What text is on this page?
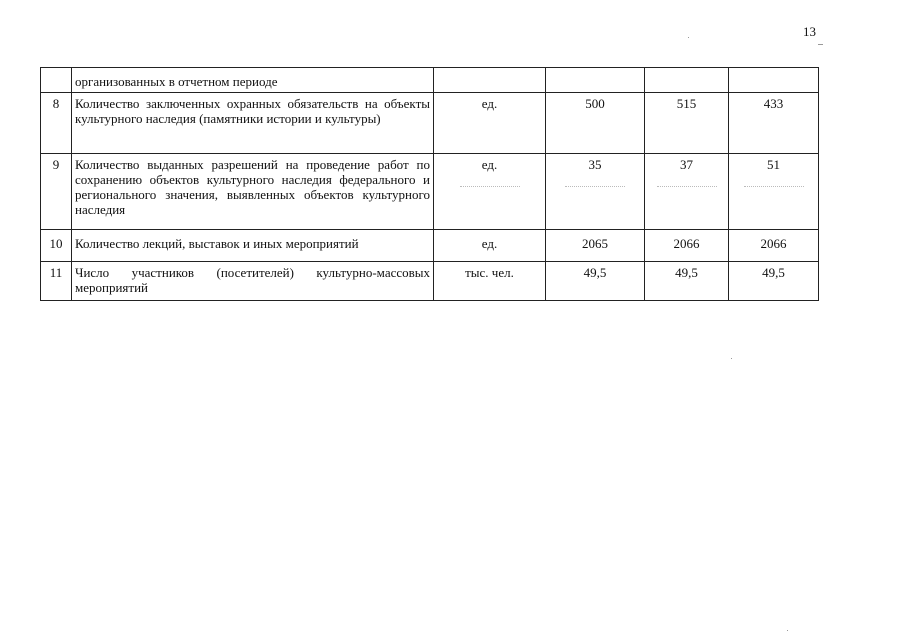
13
	организованных в отчетном периоде				
8	Количество заключенных охранных обязательств на объекты культурного наследия (памятники истории и культуры)	ед.	500	515	433
9	Количество выданных разрешений на проведение работ по сохранению объектов культурного наследия федерального и регионального значения, выявленных объектов культурного наследия	ед.	35	37	51

10	Количество лекций, выставок и иных мероприятий	ед.	2065	2066	2066
11	Число участников (посетителей) культурно-массовых мероприятий	тыс. чел.	49,5	49,5	49,5
